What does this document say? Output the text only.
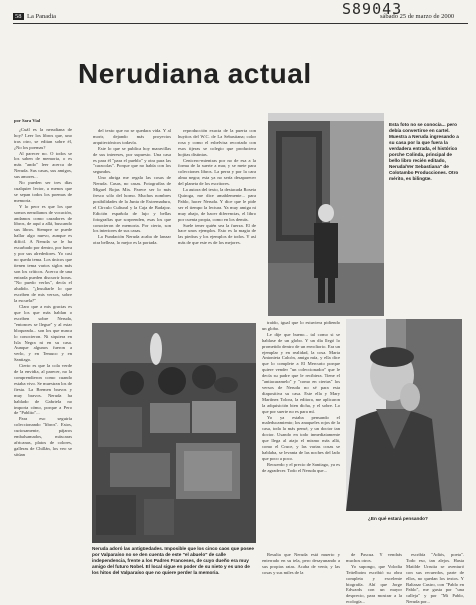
S89043
58 La Panadia	sábado 25 de marzo de 2000
Nerudiana actual
Esta foto no se conocía... pero debía convertirse en cartel. Muestra a Neruda ingresando a su casa por la que fuera la verdadera entrada, el histórico porche Colinda, principal de bello libro recién editado, Neruda/Ver Sebastiana" de Colotambo Producciones. Otro mérito, es bilingüe.

por Sara Vial

¿Cuál es la nerudiana de hoy? Leer los libros que, uno tras otro, se editan sobre él, ¿No los poemas?

Al parecer no. O todos se los saben de memoria, o es más "ando" leer acerca de Neruda. Sus casas, sus amigos, sus amores...

No pueden ser tres días cualquier lector, a menos que se sepan todos los poemas de memoria.

Y lo peor es que los que somos nerudianos de vocación, andamos como cazadores de libros, de aquí a allá, buscando sus libros. Siempre se puede hallar algo nuevo, aunque es difícil. A Neruda se le ha escarbado por dentro, por fuera y por sus alrededores. Yo casi no queda tema. Los únicos que tienen tema varios siglos más son los críticos. Acerca de una entrada pueden discurrir horas. "No puedo verlos", decía el aludido. "¿Insultarle lo que escriben de mis versos, sobre la escuela?"

Claro que a mis gracias es que los que más hablan o escriben sobre Neruda, "entonces se llegue" y al estar bloqueada... son los que nunca lo conocieron. Ni siquiera en Isla Negra ni en su casa. Aunque algunos fueron a verlo, y en Temuco y en Santiago.

Cierto es que la cola verde de la envidia, al parecer, no la comprendieron como cuando estaba vivo. Se muestran los de fiesta. La Bremen bravos y muy bravos. Neruda ha hablado de Gabriela no importa cómo, porque a Pero de "Pablito"...

Para eso seguiría coleccionando "libros". Estos, curiosamente, pájaros embalsamados, máscaras africanas, platos de colores, galleras de Chillán, los veo se sitúan

del texto que no se quedara vida. Y al morir, dejando más proyectos arquitectónicos todavía.

Este lo que se publica hoy maravillas de sus intereses, por supuesto. Una casa es para él "para el pueblo" y otra para las "caracolas". Porque que no había con los segundos.

Uno abriga me regala las cosas de Neruda. Casas, no casas. Fotografías de Miguel Rojas Mix. Parece ser lo más fresco sólo del horno. Muchos nombres posibilidades de la Junta de Extremadura, el Círculo Cultural y la Caja de Badajoz. Edición española de lujo y bellas fotografías que sorprenden, esas los que conocieron de memoria. Por cierto, son los interiores de sus casas.

La Fundación Neruda acaba de lanzar otra belleza, lo mejor es la portada.

reproducción exacta de la puerta con huyitos del W.C. de La Sebastiana; color rosa y como el esbelvisa recortado con esos tijeras se colegio que produciera hojitas distintas.

Cenicero-mientras por no de esa a la forma de la suerte a mar, y se mete para colecciones libros. La perra y por la cara alma negra; esta ya no sería desaparecer del planeta de los escritores.

La autora del texto, la destacada Roseta Quiroga, me dice amablemente... para Pablo, hacer Neruda. Y dice que le pide ser el tiempo la lectura. Ya muy amiga ni muy abajo, de hacer diferencias, el libro por cuenta propia, como en los demás.

Suele tener quién sea la fuerza. El de hace unos ejemplos. Esto es la magia de las piedras y los ejemplos de todos. Y así más de que este es de los mejores.

Neruda adoró las antigüedades. Imposible que los cinco caos que posee por Valparaíso no se den cuenta de este "el abuelo" de calle independencia, frente a los Padres Franceses, de cuyo dueño era muy amigo del futuro Nobel. El local sigue en poder de su nieto y es uno de los hitos del Valparaíso que no quiere perder la memoria.

traído, igual que lo estuviera pidiendo un globo.

Le dije que bueno... tal como si se hablase de un globo. Y un día llegó lo prometido dentro de un envoltorio. Era un ejemplar y en realidad, la cosa. Marta Antonieta Calcón, amiga mía, y ella dice que lo complete a El Mercurio porque quiere vender "un coleccionador" que le decía su padre que le recibiera. Tiene el "antiacaramelo" y "como en ciertas" los versos de Neruda no sé para esta diapositiva su casa. Este ella y Mary Martínez Tolora, la editora, me aplicaron la adquisición bien dicha, y el sobre. Lo que por suerte no es para mí.

Yo ya estaba pensando el maleducamiento; los anaqueles rojos de la casa, toda la más pensé, y un doctor tan doctor. Usando en todo inmediatamente que llega al atajo el mismo más allá, como el Cruce, y las varias cosas se hablaba, se levanta de las noches del lado que poco a poco.

Recuerdo y el precio de Santiago, ya es de agradecer. Todo el Neruda que...

¿En qué estará pensando?

Resulta que Neruda está muerto y enterrado en su tela, pero desayunando a sus propias ratas. Acaba de venir, y las cosas y sus miles de la

de Pascua. Y vendrás muchos otros.

Yo supongo, que Volodia Teitelboim escribió su obra completa y excelente biografía. Ahí que Jorge Edwards con un mayor desprecio, para mostrar a la ecología...

escribía "Adiós, poeta". Todo eso, tan alejos. Hasta Matilde Urrutia se aventuró con sus recuerdos, parte de ellos, no quedan los textos. Y Baltasar Castro, con "Pablo en Pablo", me gusta por "una calleja" y por "Mi Pablo, Neruda por...
